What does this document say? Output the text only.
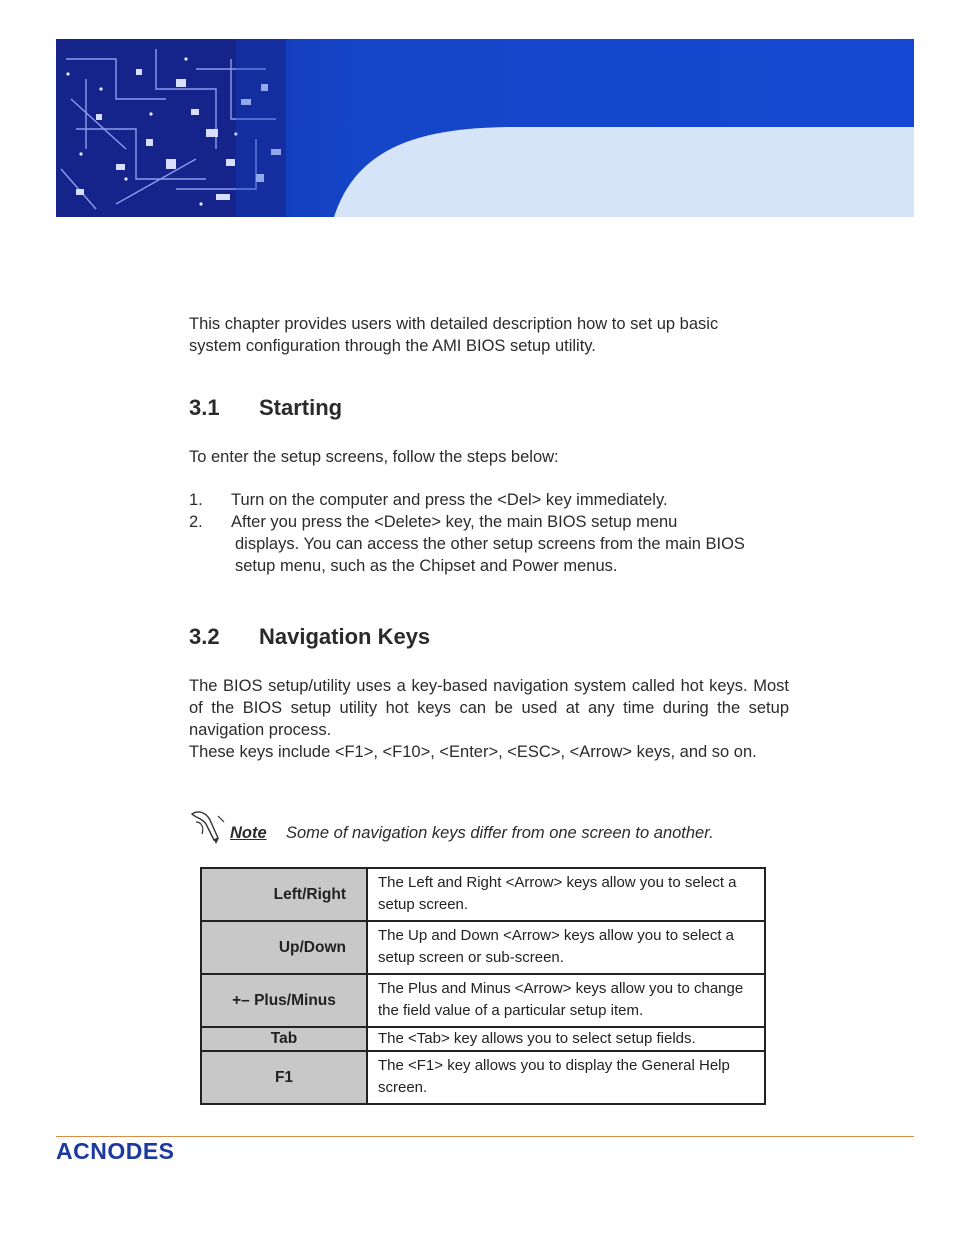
This chapter provides users with detailed description how to set up basic system configuration through the AMI BIOS setup utility.

3.1 Starting

To enter the setup screens, follow the steps below:

1. Turn on the computer and press the <Del> key immediately.
2. After you press the <Delete> key, the main BIOS setup menu
displays. You can access the other setup screens from the main BIOS setup menu, such as the Chipset and Power menus.
3.2 Navigation Keys

The BIOS setup/utility uses a key-based navigation system called hot keys. Most of the BIOS setup utility hot keys can be used at any time during the setup navigation process.

These keys include <F1>, <F10>, <Enter>, <ESC>, <Arrow> keys, and so on.

Note Some of navigation keys differ from one screen to another.
Left/Right	The Left and Right <Arrow> keys allow you to select a setup screen.
Up/Down	The Up and Down <Arrow> keys allow you to select a setup screen or sub-screen.
+– Plus/Minus	The Plus and Minus <Arrow> keys allow you to change the field value of a particular setup item.
Tab	The <Tab> key allows you to select setup fields.
F1	The <F1> key allows you to display the General Help screen.
ACNODES
